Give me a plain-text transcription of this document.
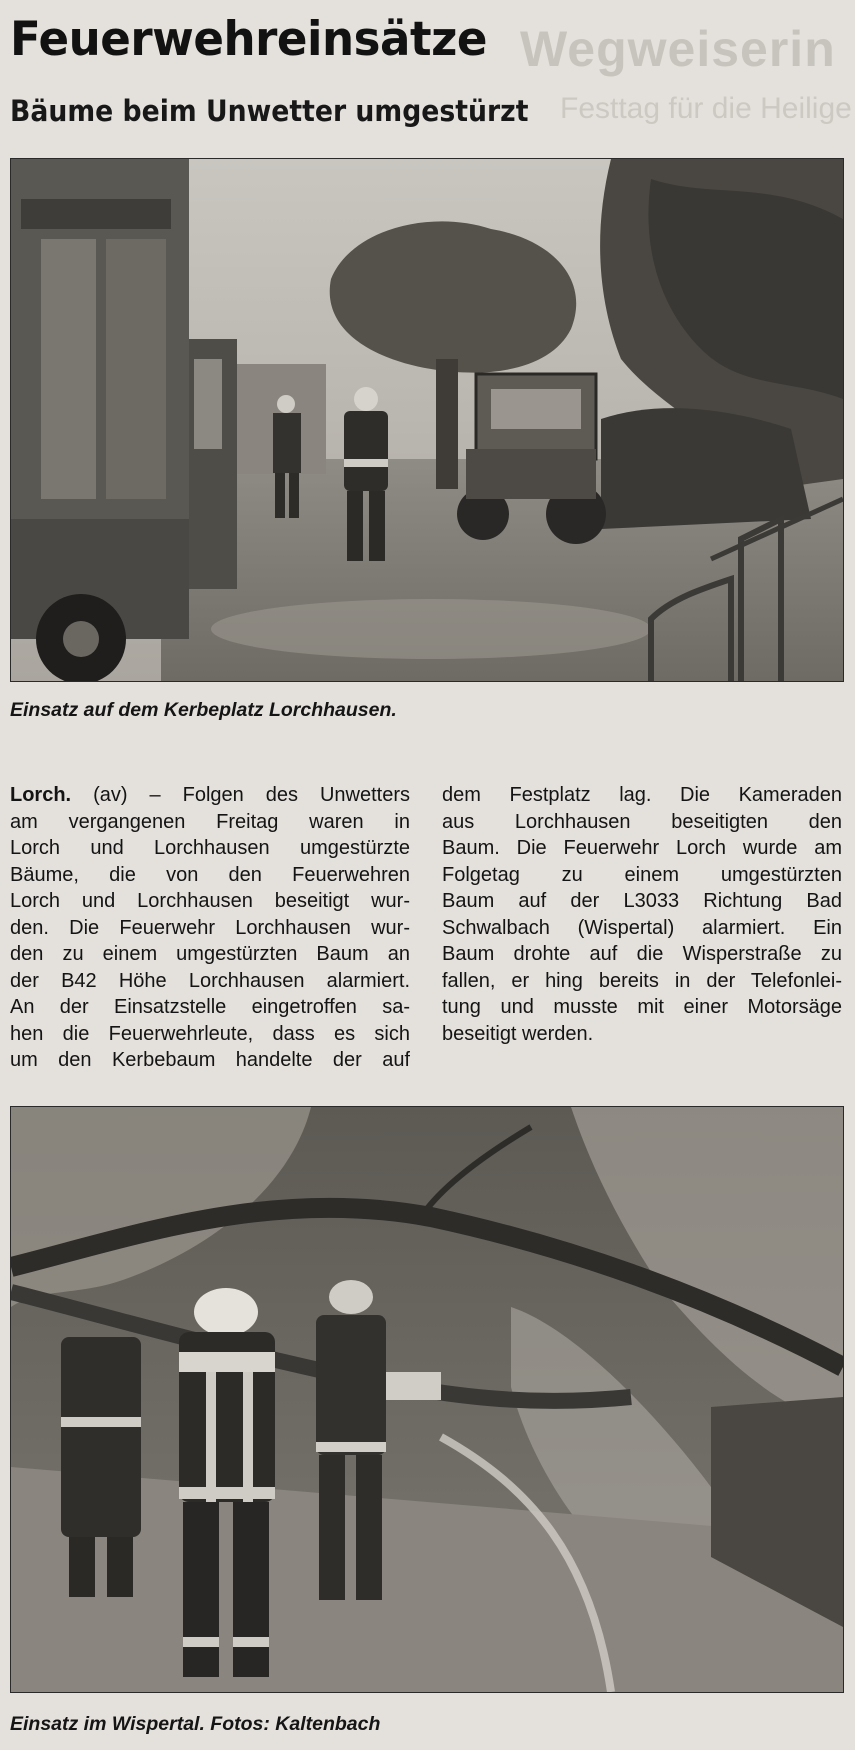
Wegweiserin
Festtag für die Heilige
Feuerwehreinsätze
Bäume beim Unwetter umgestürzt

Einsatz auf dem Kerbeplatz Lorchhausen.

Lorch. (av) – Folgen des Unwetters
am vergangenen Freitag waren in
Lorch und Lorchhausen umgestürzte
Bäume, die von den Feuerwehren
Lorch und Lorchhausen beseitigt wur-
den. Die Feuerwehr Lorchhausen wur-
den zu einem umgestürzten Baum an
der B42 Höhe Lorchhausen alarmiert.
An der Einsatzstelle eingetroffen sa-
hen die Feuerwehrleute, dass es sich
um den Kerbebaum handelte der auf
dem Festplatz lag. Die Kameraden
aus Lorchhausen beseitigten den
Baum. Die Feuerwehr Lorch wurde am
Folgetag zu einem umgestürzten
Baum auf der L3033 Richtung Bad
Schwalbach (Wispertal) alarmiert. Ein
Baum drohte auf die Wisperstraße zu
fallen, er hing bereits in der Telefonlei-
tung und musste mit einer Motorsäge
beseitigt werden.

Einsatz im Wispertal. Fotos: Kaltenbach
